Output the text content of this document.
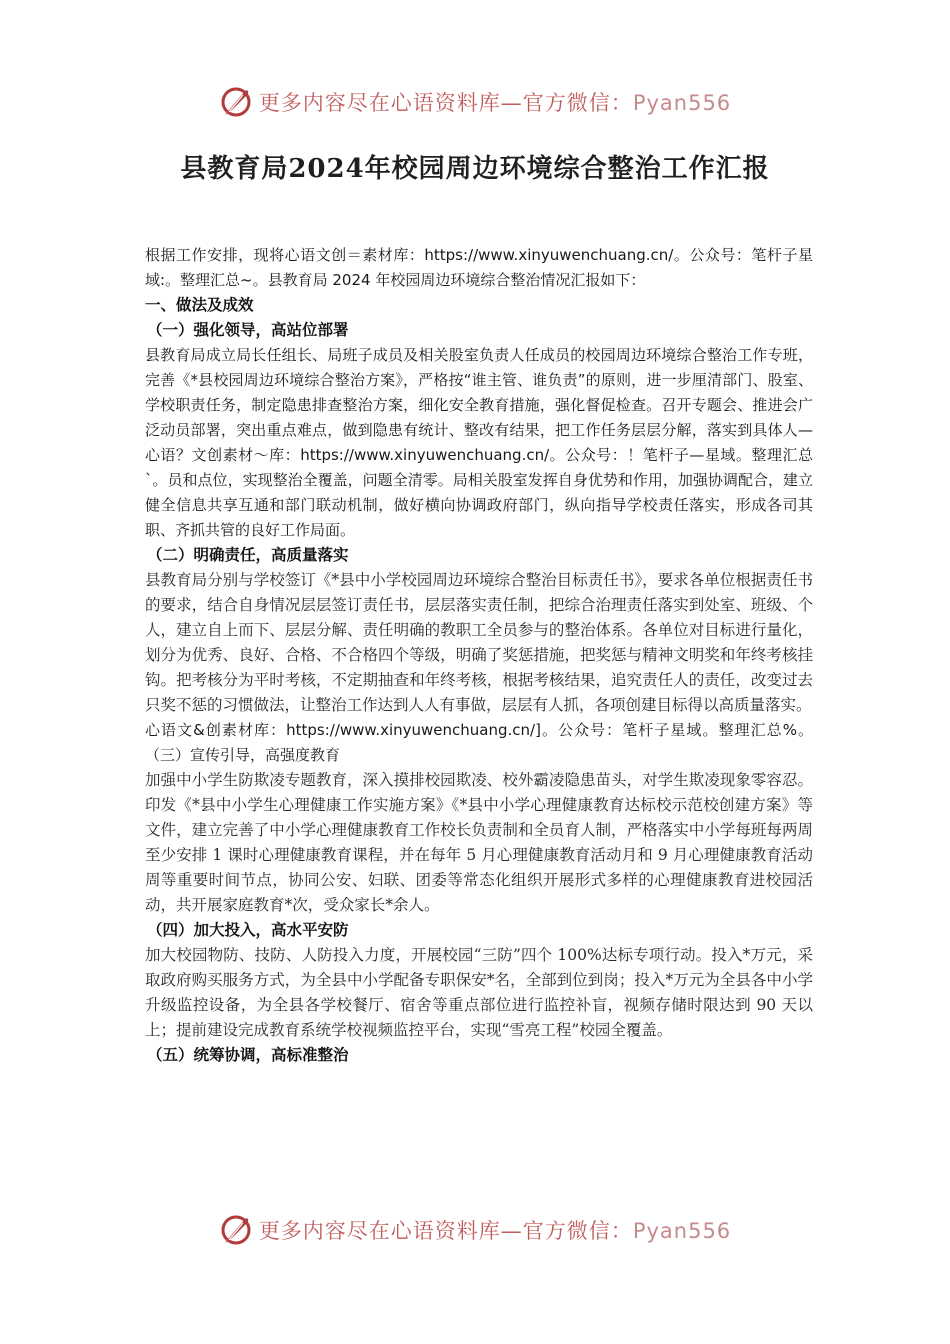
更多内容尽在心语资料库—官方微信：Pyan556
县教育局2024年校园周边环境综合整治工作汇报

根据工作安排，现将心语文创＝素材库：https://www.xinyuwenchuang.cn/。公众号：笔杆子星域:。整理汇总~。县教育局 2024 年校园周边环境综合整治情况汇报如下：

一、做法及成效

（一）强化领导，高站位部署

县教育局成立局长任组长、局班子成员及相关股室负责人任成员的校园周边环境综合整治工作专班，完善《*县校园周边环境综合整治方案》，严格按“谁主管、谁负责”的原则，进一步厘清部门、股室、学校职责任务，制定隐患排查整治方案，细化安全教育措施，强化督促检查。召开专题会、推进会广泛动员部署，突出重点难点，做到隐患有统计、整改有结果，把工作任务层层分解，落实到具体人—心语？文创素材～库：https://www.xinyuwenchuang.cn/。公众号：！笔杆子—星域。整理汇总`。员和点位，实现整治全覆盖，问题全清零。局相关股室发挥自身优势和作用，加强协调配合，建立健全信息共享互通和部门联动机制，做好横向协调政府部门，纵向指导学校责任落实，形成各司其职、齐抓共管的良好工作局面。

（二）明确责任，高质量落实

县教育局分别与学校签订《*县中小学校园周边环境综合整治目标责任书》，要求各单位根据责任书的要求，结合自身情况层层签订责任书，层层落实责任制，把综合治理责任落实到处室、班级、个人，建立自上而下、层层分解、责任明确的教职工全员参与的整治体系。各单位对目标进行量化，划分为优秀、良好、合格、不合格四个等级，明确了奖惩措施，把奖惩与精神文明奖和年终考核挂钩。把考核分为平时考核，不定期抽查和年终考核，根据考核结果，追究责任人的责任，改变过去只奖不惩的习惯做法，让整治工作达到人人有事做，层层有人抓，各项创建目标得以高质量落实。

心语文&创素材库：https://www.xinyuwenchuang.cn/]。公众号：笔杆子星域。整理汇总%。（三）宣传引导，高强度教育

加强中小学生防欺凌专题教育，深入摸排校园欺凌、校外霸凌隐患苗头，对学生欺凌现象零容忍。印发《*县中小学生心理健康工作实施方案》《*县中小学心理健康教育达标校示范校创建方案》等文件，建立完善了中小学心理健康教育工作校长负责制和全员育人制，严格落实中小学每班每两周至少安排 1 课时心理健康教育课程，并在每年 5 月心理健康教育活动月和 9 月心理健康教育活动周等重要时间节点，协同公安、妇联、团委等常态化组织开展形式多样的心理健康教育进校园活动，共开展家庭教育*次，受众家长*余人。

（四）加大投入，高水平安防

加大校园物防、技防、人防投入力度，开展校园“三防”四个 100%达标专项行动。投入*万元，采取政府购买服务方式，为全县中小学配备专职保安*名，全部到位到岗；投入*万元为全县各中小学升级监控设备，为全县各学校餐厅、宿舍等重点部位进行监控补盲，视频存储时限达到 90 天以上；提前建设完成教育系统学校视频监控平台，实现“雪亮工程”校园全覆盖。

（五）统筹协调，高标准整治

更多内容尽在心语资料库—官方微信：Pyan556
